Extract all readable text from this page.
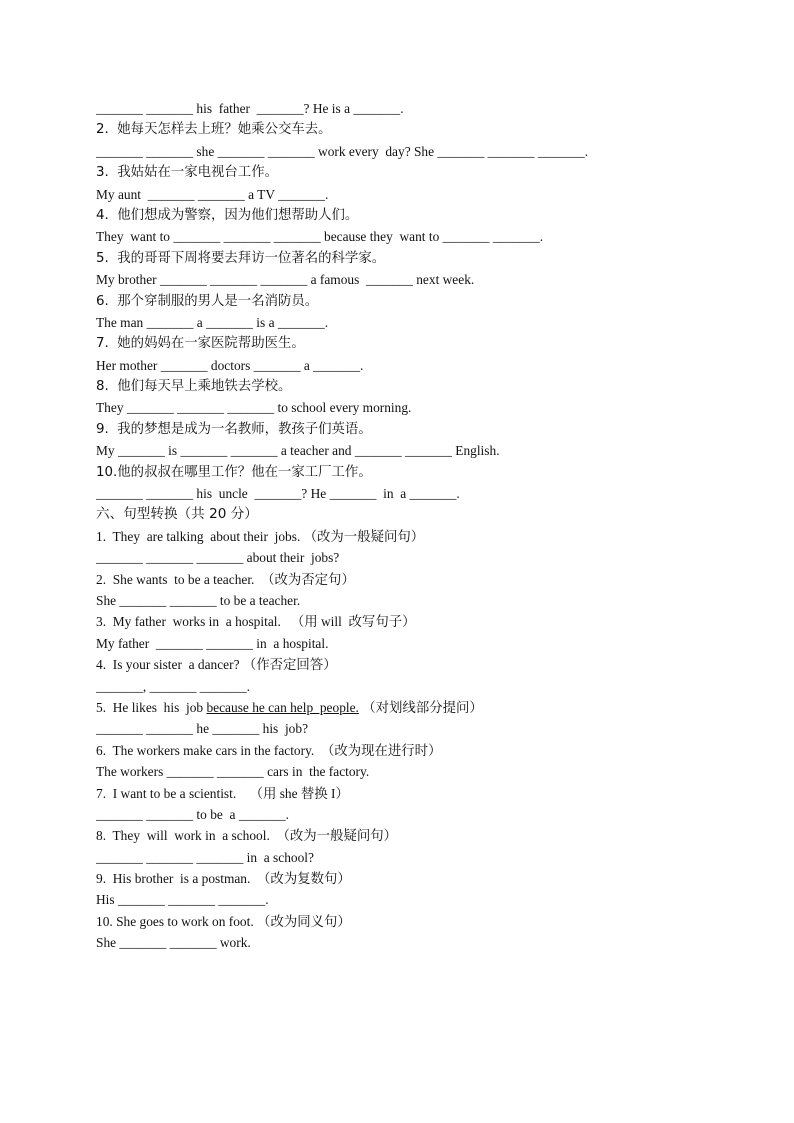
_______ _______ his  father  _______? He is a _______.
2.  她每天怎样去上班？她乘公交车去。
_______ _______ she _______ _______ work every  day? She _______ _______ _______.
3.  我姑姑在一家电视台工作。
My aunt  _______ _______ a TV _______.
4.  他们想成为警察，因为他们想帮助人们。
They  want to _______ _______ _______ because they  want to _______ _______.
5.  我的哥哥下周将要去拜访一位著名的科学家。
My brother _______ _______ _______ a famous  _______ next week.
6.  那个穿制服的男人是一名消防员。
The man _______ a _______ is a _______.
7.  她的妈妈在一家医院帮助医生。
Her mother _______ doctors _______ a _______.
8.  他们每天早上乘地铁去学校。
They _______ _______ _______ to school every morning.
9.  我的梦想是成为一名教师，教孩子们英语。
My _______ is _______ _______ a teacher and _______ _______ English.
10.他的叔叔在哪里工作？他在一家工厂工作。
_______ _______ his  uncle  _______? He _______  in  a _______.
六、句型转换（共 20 分）
1.  They  are talking  about their  jobs. （改为一般疑问句）
_______ _______ _______ about their  jobs?
2.  She wants  to be a teacher.  （改为否定句）
She _______ _______ to be a teacher.
3.  My father  works in  a hospital.   （用 will  改写句子）
My father  _______ _______ in  a hospital.
4.  Is your sister  a dancer? （作否定回答）
_______, _______ _______.
5.  He likes  his  job because he can help  people. （对划线部分提问）
_______ _______ he _______ his  job?
6.  The workers make cars in the factory.  （改为现在进行时）
The workers _______ _______ cars in  the factory.
7.  I want to be a scientist.    （用 she 替换 I）
_______ _______ to be  a _______.
8.  They  will  work in  a school.  （改为一般疑问句）
_______ _______ _______ in  a school?
9.  His brother  is a postman.  （改为复数句）
His _______ _______ _______.
10. She goes to work on foot. （改为同义句）
She _______ _______ work.
